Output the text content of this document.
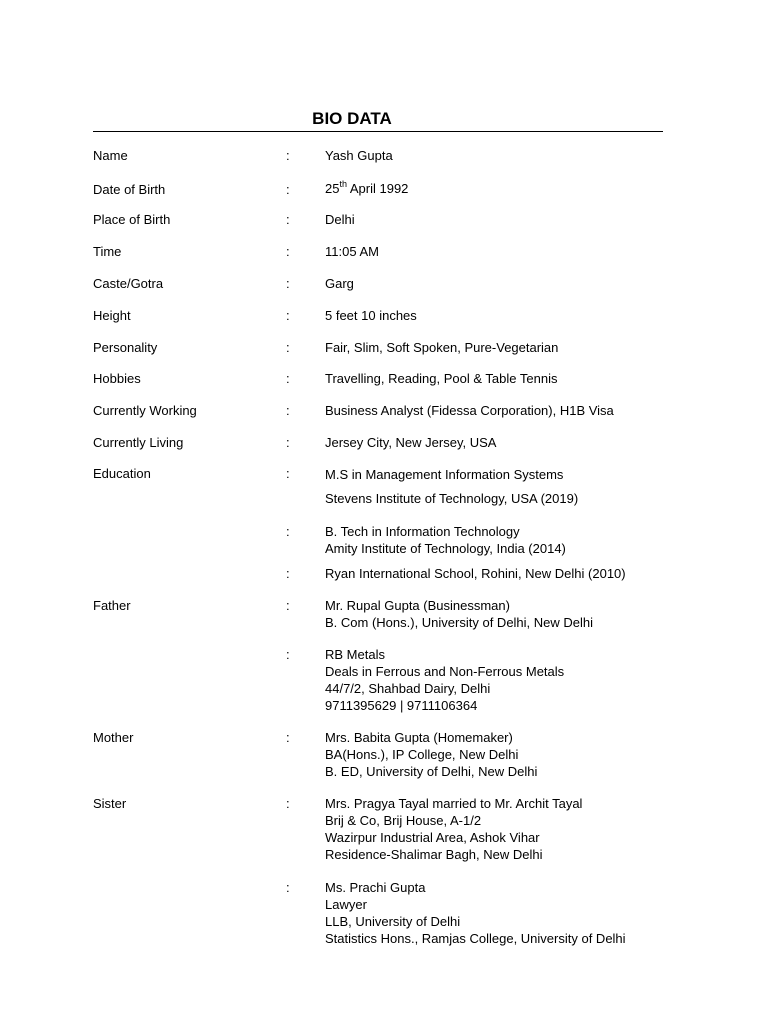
BIO DATA
Name	:	Yash Gupta
Date of Birth	:	25th April 1992
Place of Birth	:	Delhi
Time	:	11:05 AM
Caste/Gotra	:	Garg
Height	:	5 feet 10 inches
Personality	:	Fair, Slim, Soft Spoken, Pure-Vegetarian
Hobbies	:	Travelling, Reading, Pool & Table Tennis
Currently Working	:	Business Analyst (Fidessa Corporation), H1B Visa
Currently Living	:	Jersey City, New Jersey, USA
Education	:	M.S in Management Information Systems
Stevens Institute of Technology, USA (2019)
:	B. Tech in Information Technology
Amity Institute of Technology, India (2014)
:	Ryan International School, Rohini, New Delhi (2010)
Father	:	Mr. Rupal Gupta (Businessman)
B. Com (Hons.), University of Delhi, New Delhi
:	RB Metals
Deals in Ferrous and Non-Ferrous Metals
44/7/2, Shahbad Dairy, Delhi
9711395629 | 9711106364
Mother	:	Mrs. Babita Gupta (Homemaker)
BA(Hons.), IP College, New Delhi
B. ED, University of Delhi, New Delhi
Sister	:	Mrs. Pragya Tayal married to Mr. Archit Tayal
Brij & Co, Brij House, A-1/2
Wazirpur Industrial Area, Ashok Vihar
Residence-Shalimar Bagh, New Delhi
:	Ms. Prachi Gupta
Lawyer
LLB, University of Delhi
Statistics Hons., Ramjas College, University of Delhi
